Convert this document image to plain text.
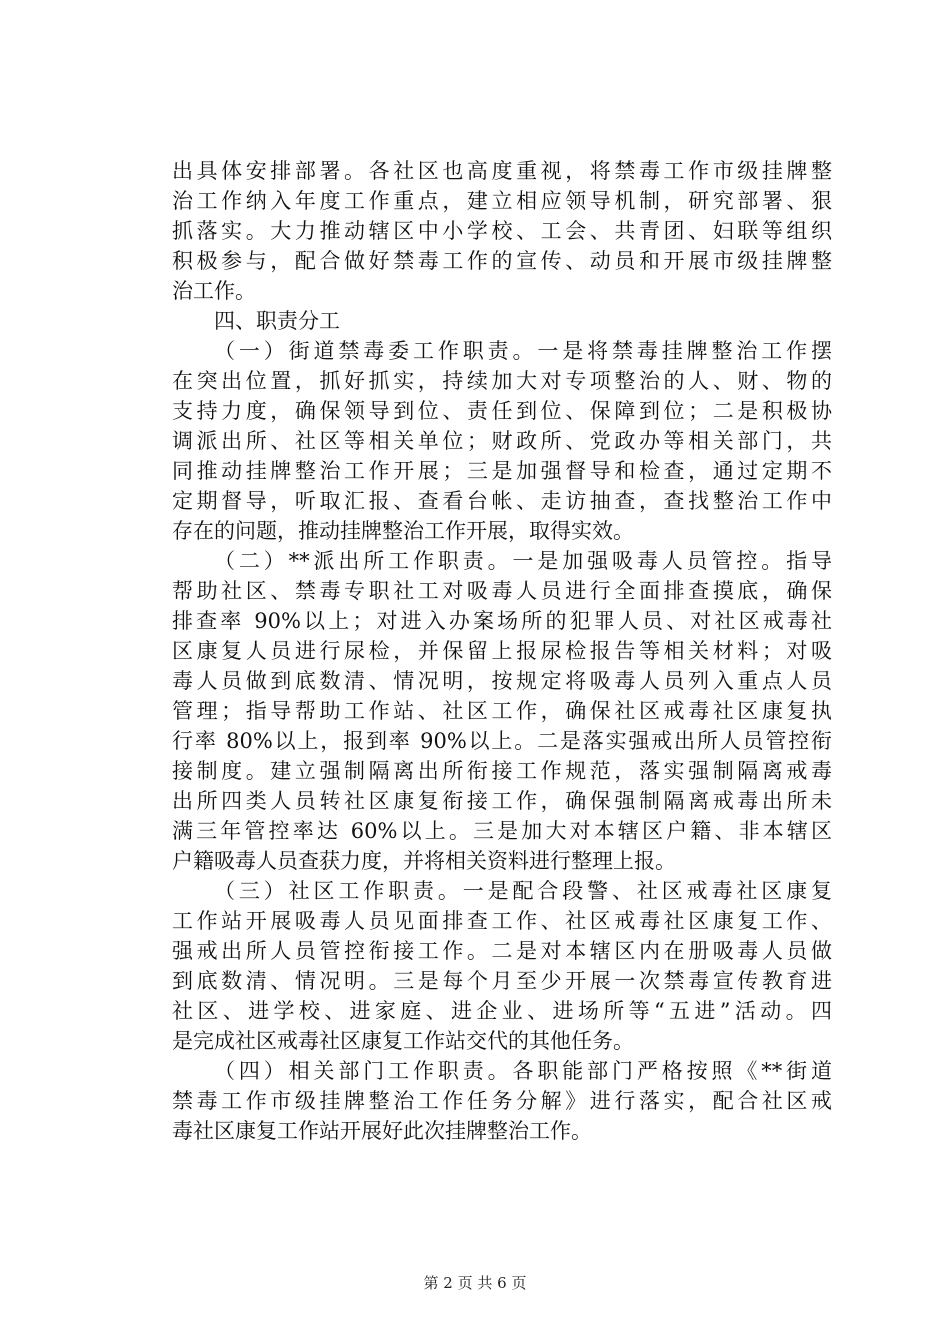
出具体安排部署。各社区也高度重视，将禁毒工作市级挂牌整
治工作纳入年度工作重点，建立相应领导机制，研究部署、狠
抓落实。大力推动辖区中小学校、工会、共青团、妇联等组织
积极参与，配合做好禁毒工作的宣传、动员和开展市级挂牌整
治工作。
四、职责分工
（一）街道禁毒委工作职责。一是将禁毒挂牌整治工作摆
在突出位置，抓好抓实，持续加大对专项整治的人、财、物的
支持力度，确保领导到位、责任到位、保障到位；二是积极协
调派出所、社区等相关单位；财政所、党政办等相关部门，共
同推动挂牌整治工作开展；三是加强督导和检查，通过定期不
定期督导，听取汇报、查看台帐、走访抽查，查找整治工作中
存在的问题，推动挂牌整治工作开展，取得实效。
（二）**派出所工作职责。一是加强吸毒人员管控。指导
帮助社区、禁毒专职社工对吸毒人员进行全面排查摸底，确保
排查率 90%以上；对进入办案场所的犯罪人员、对社区戒毒社
区康复人员进行尿检，并保留上报尿检报告等相关材料；对吸
毒人员做到底数清、情况明，按规定将吸毒人员列入重点人员
管理；指导帮助工作站、社区工作，确保社区戒毒社区康复执
行率 80%以上，报到率 90%以上。二是落实强戒出所人员管控衔
接制度。建立强制隔离出所衔接工作规范，落实强制隔离戒毒
出所四类人员转社区康复衔接工作，确保强制隔离戒毒出所未
满三年管控率达 60%以上。三是加大对本辖区户籍、非本辖区
户籍吸毒人员查获力度，并将相关资料进行整理上报。
（三）社区工作职责。一是配合段警、社区戒毒社区康复
工作站开展吸毒人员见面排查工作、社区戒毒社区康复工作、
强戒出所人员管控衔接工作。二是对本辖区内在册吸毒人员做
到底数清、情况明。三是每个月至少开展一次禁毒宣传教育进
社区、进学校、进家庭、进企业、进场所等“五进”活动。四
是完成社区戒毒社区康复工作站交代的其他任务。
（四）相关部门工作职责。各职能部门严格按照《**街道
禁毒工作市级挂牌整治工作任务分解》进行落实，配合社区戒
毒社区康复工作站开展好此次挂牌整治工作。
第 2 页 共 6 页
